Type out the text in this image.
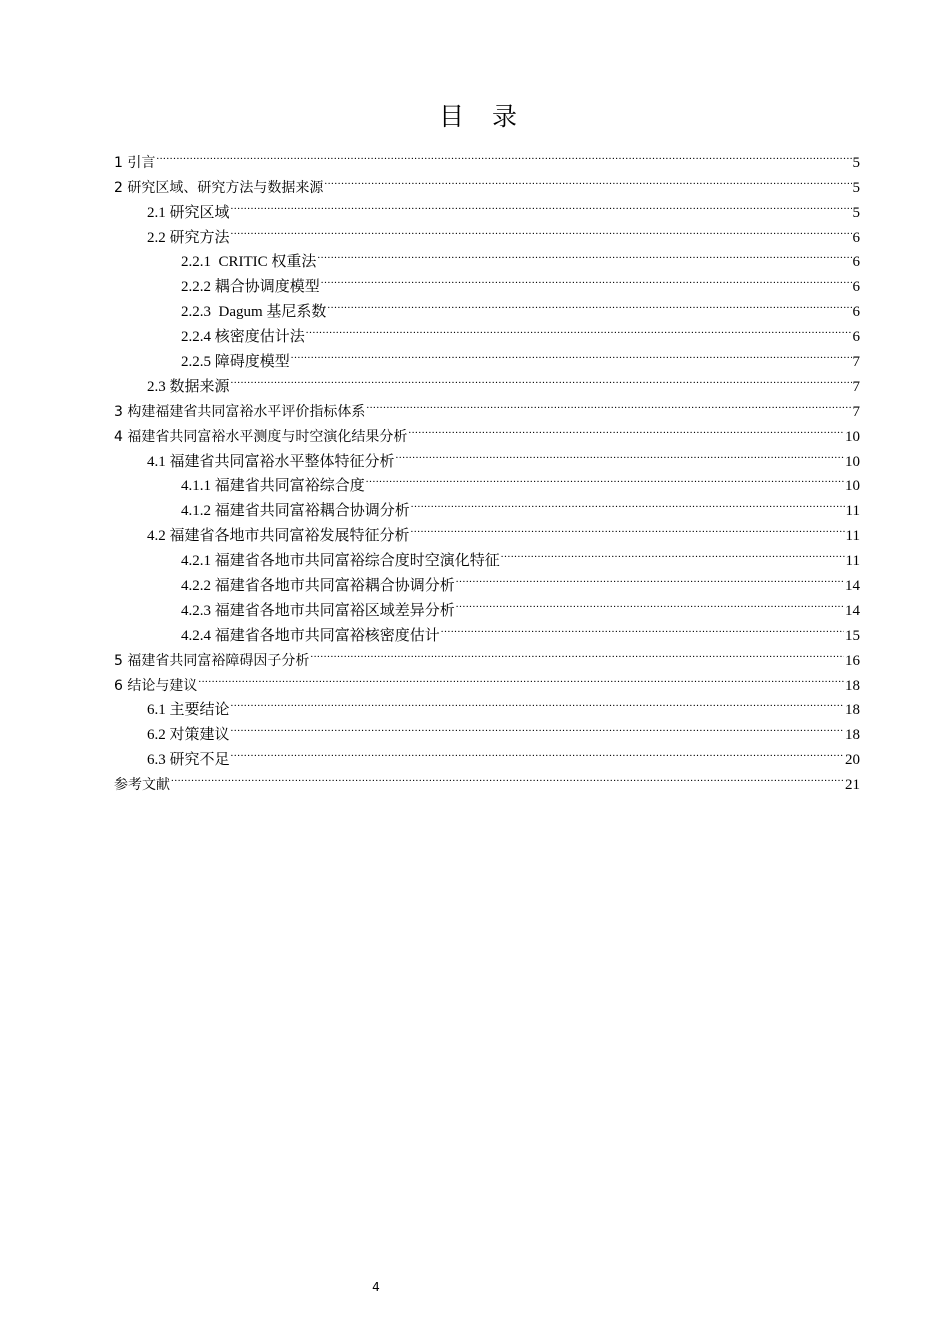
目 录
1 引言 .....	5
2 研究区域、研究方法与数据来源 .....	5
2.1 研究区域 .....	5
2.2 研究方法 .....	6
2.2.1  CRITIC 权重法 .....	6
2.2.2 耦合协调度模型 .....	6
2.2.3  Dagum 基尼系数 .....	6
2.2.4 核密度估计法 .....	6
2.2.5 障碍度模型 .....	7
2.3 数据来源 .....	7
3 构建福建省共同富裕水平评价指标体系 .....	7
4 福建省共同富裕水平测度与时空演化结果分析 .....	10
4.1 福建省共同富裕水平整体特征分析 .....	10
4.1.1 福建省共同富裕综合度 .....	10
4.1.2 福建省共同富裕耦合协调分析 .....	11
4.2 福建省各地市共同富裕发展特征分析 .....	11
4.2.1 福建省各地市共同富裕综合度时空演化特征 .....	11
4.2.2 福建省各地市共同富裕耦合协调分析 .....	14
4.2.3 福建省各地市共同富裕区域差异分析 .....	14
4.2.4 福建省各地市共同富裕核密度估计 .....	15
5 福建省共同富裕障碍因子分析 .....	16
6 结论与建议 .....	18
6.1 主要结论 .....	18
6.2 对策建议 .....	18
6.3 研究不足 .....	20
参考文献 .....	21
4
